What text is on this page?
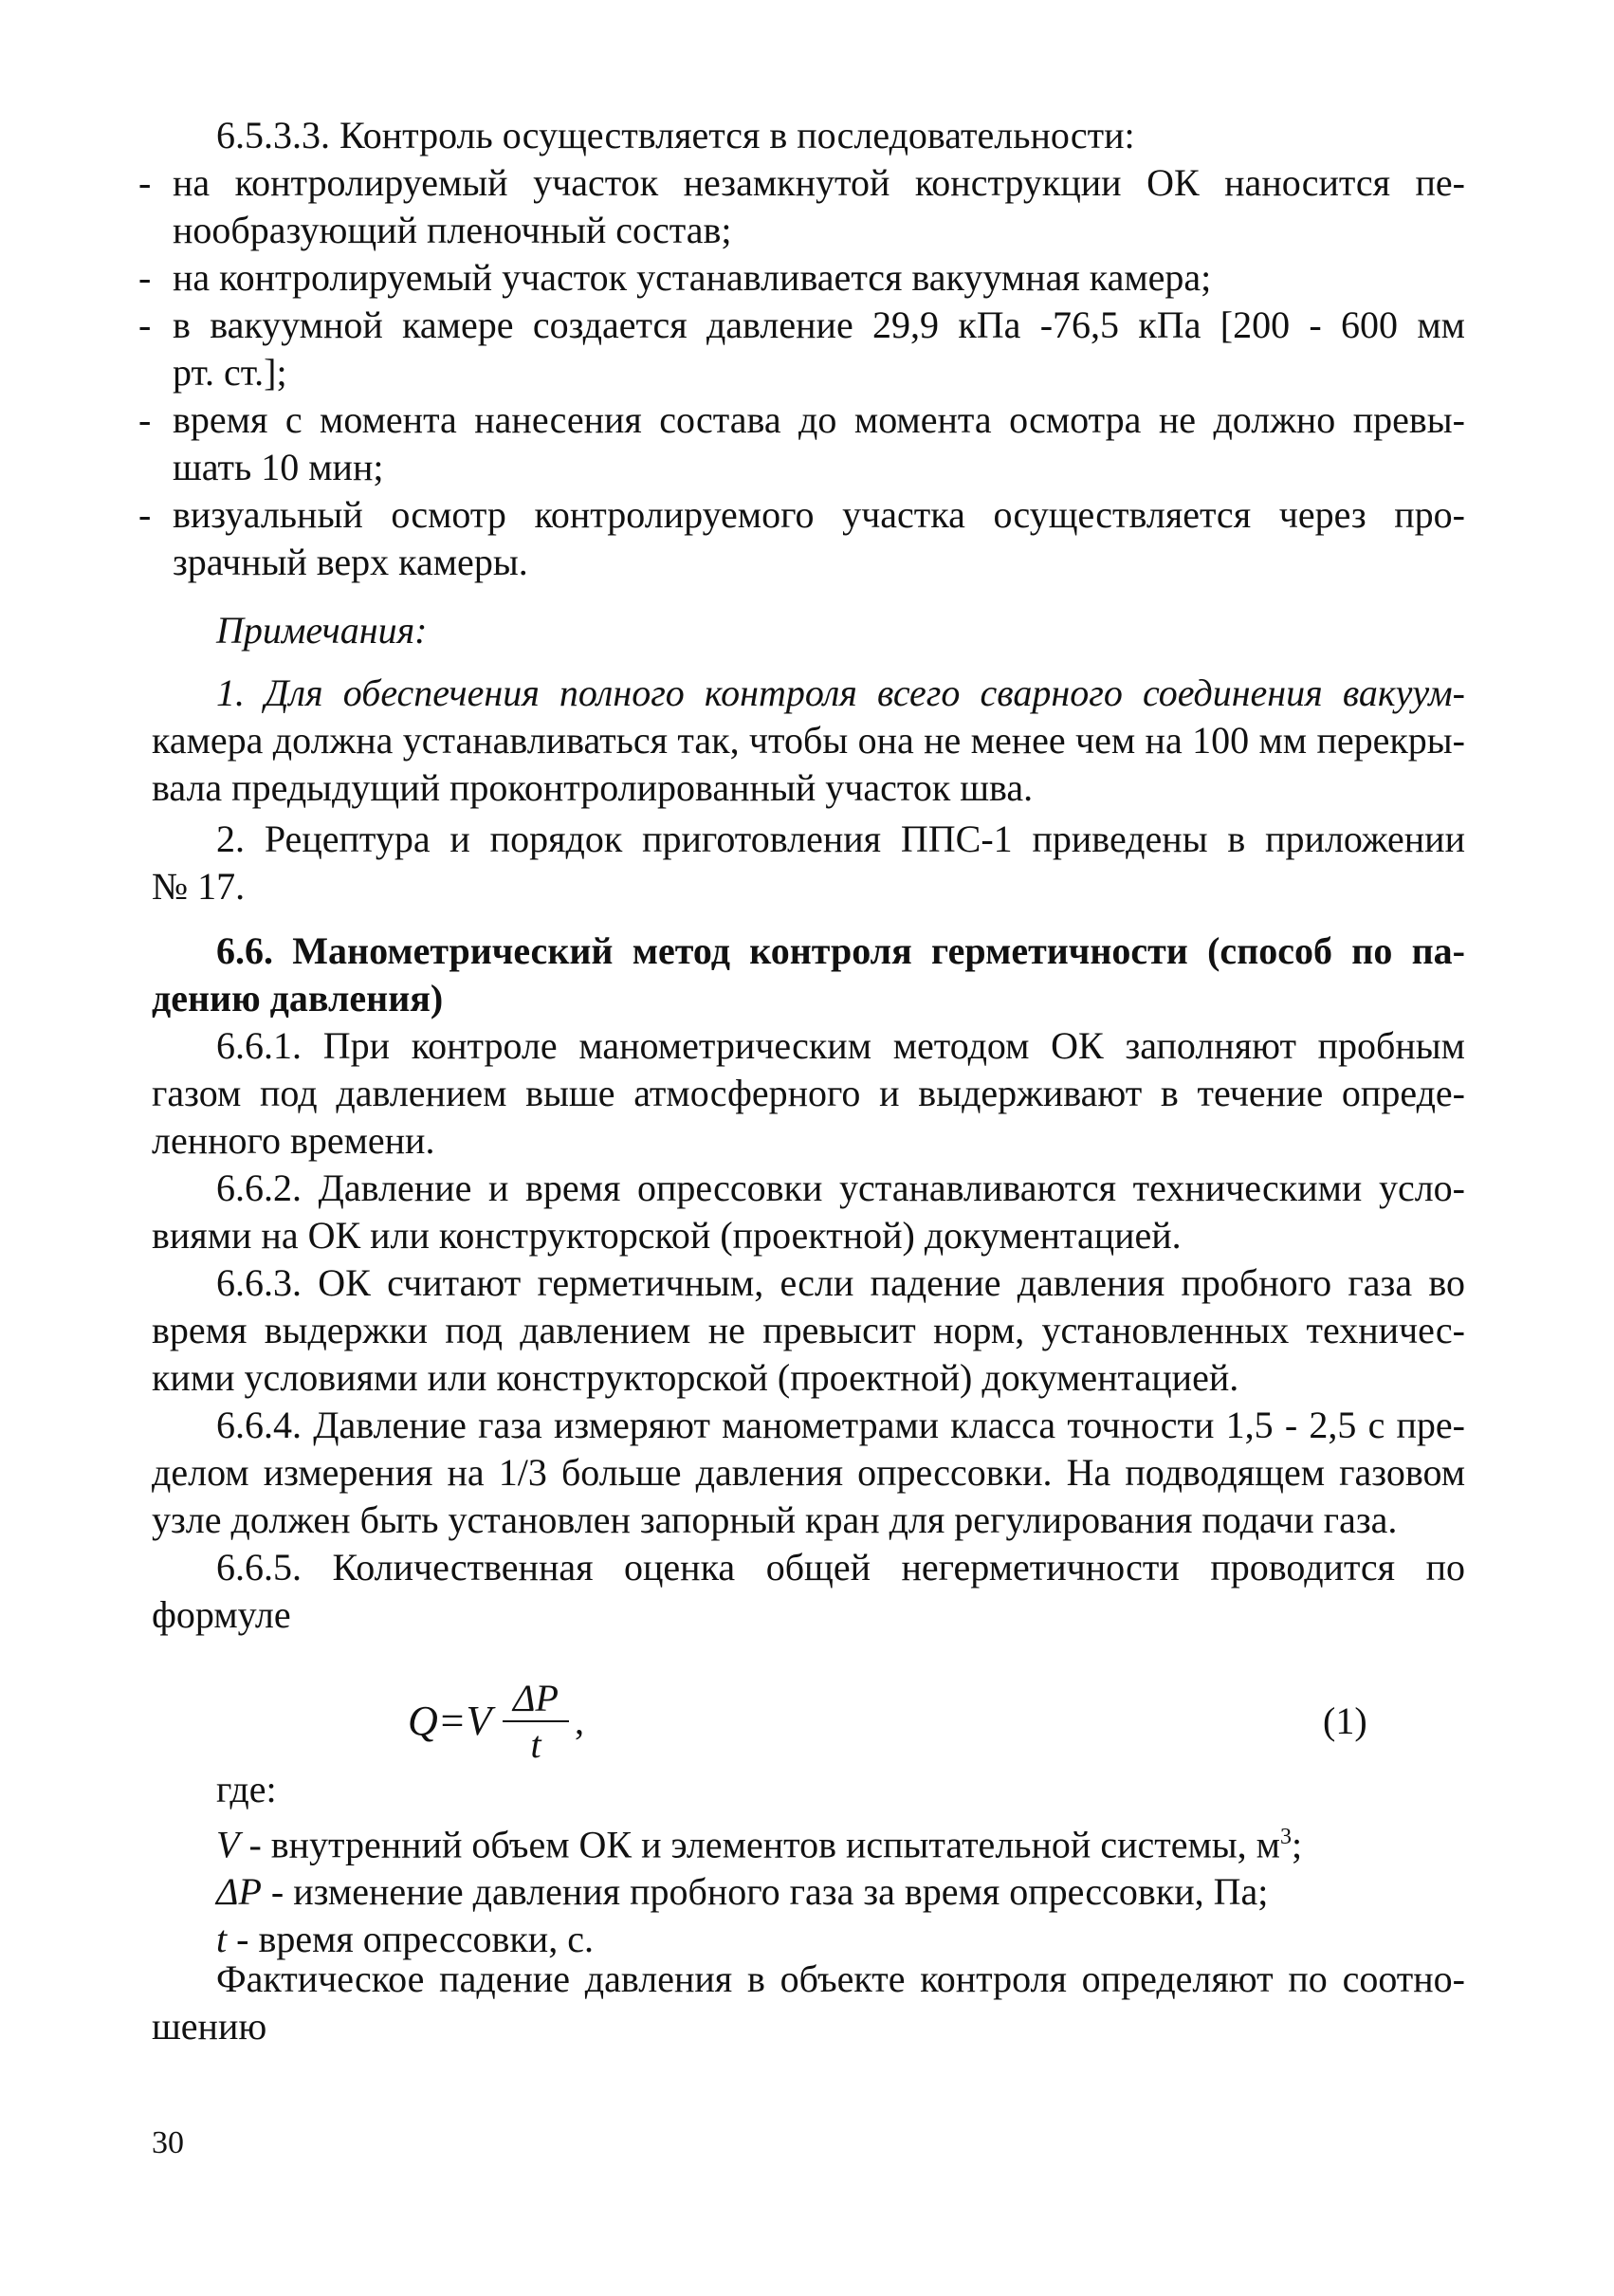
6.5.3.3. Контроль осуществляется в последовательности:

- на контролируемый участок незамкнутой конструкции ОК наносится пе-

нообразующий пленочный состав;

- на контролируемый участок устанавливается вакуумная камера;

- в вакуумной камере создается давление 29,9 кПа -76,5 кПа [200 - 600 мм

рт. ст.];

- время с момента нанесения состава до момента осмотра не должно превы-

шать 10 мин;

- визуальный осмотр контролируемого участка осуществляется через про-

зрачный верх камеры.

Примечания:

1. Для обеспечения полного контроля всего сварного соединения вакуум-

камера должна устанавливаться так, чтобы она не менее чем на 100 мм перекры-

вала предыдущий проконтролированный участок шва.

2. Рецептура и порядок приготовления ППС-1 приведены в приложении

№ 17.

6.6. Манометрический метод контроля герметичности (способ по па-

дению давления)

6.6.1. При контроле манометрическим методом ОК заполняют пробным

газом под давлением выше атмосферного и выдерживают в течение опреде-

ленного времени.

6.6.2. Давление и время опрессовки устанавливаются техническими усло-

виями на ОК или конструкторской (проектной) документацией.

6.6.3. ОК считают герметичным, если падение давления пробного газа во

время выдержки под давлением не превысит норм, установленных техничес-

кими условиями или конструкторской (проектной) документацией.

6.6.4. Давление газа измеряют манометрами класса точности 1,5 - 2,5 с пре-

делом измерения на 1/3 больше давления опрессовки. На подводящем газовом

узле должен быть установлен запорный кран для регулирования подачи газа.

6.6.5. Количественная оценка общей негерметичности проводится по

формуле

$Q=V \frac{\Delta P}{t}$ ,	(1)

где:

V - внутренний объем ОК и элементов испытательной системы, $м^3$;

ΔP - изменение давления пробного газа за время опрессовки, Па;

t - время опрессовки, с.

Фактическое падение давления в объекте контроля определяют по соотно-

шению

30
